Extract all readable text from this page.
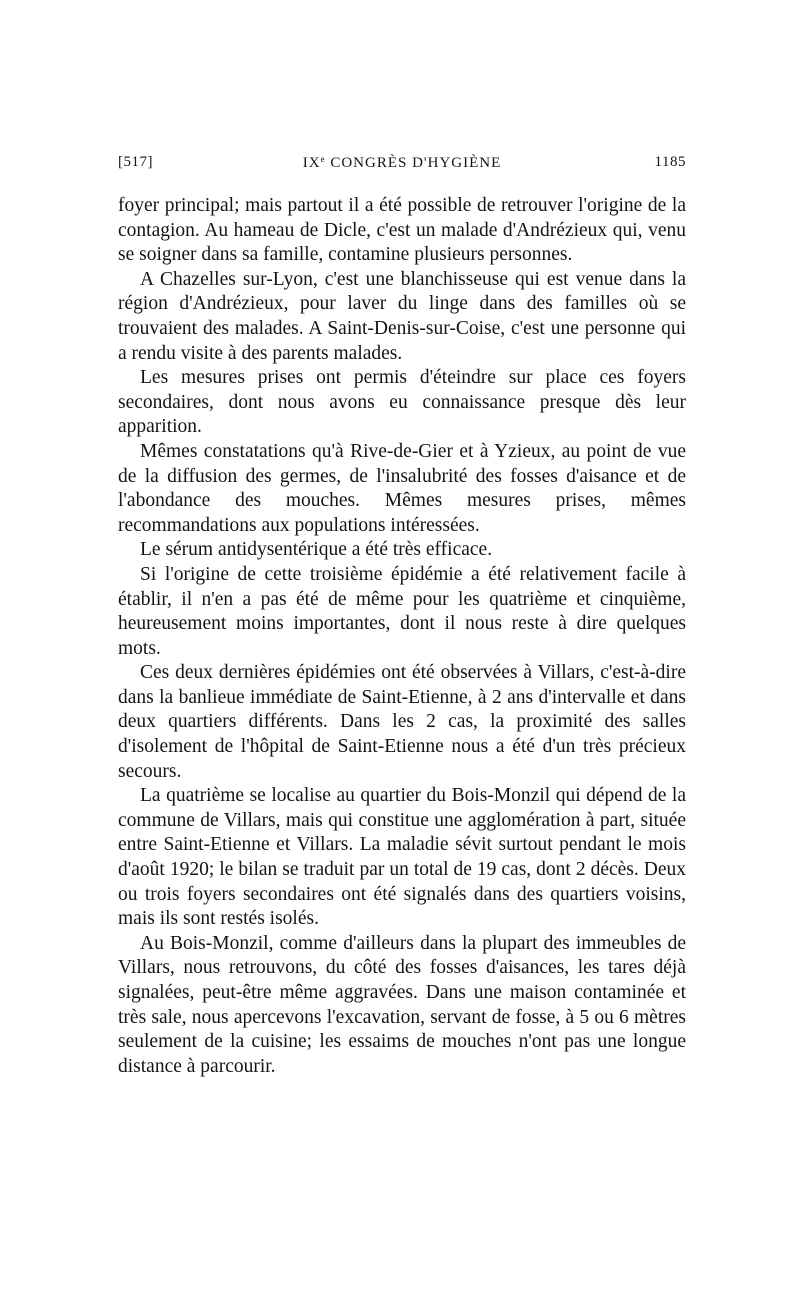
[517]	IXe CONGRÈS D'HYGIÈNE	1185

foyer principal; mais partout il a été possible de retrouver l'origine de la contagion. Au hameau de Dicle, c'est un malade d'Andrézieux qui, venu se soigner dans sa famille, contamine plusieurs personnes.

A Chazelles sur-Lyon, c'est une blanchisseuse qui est venue dans la région d'Andrézieux, pour laver du linge dans des familles où se trouvaient des malades. A Saint-Denis-sur-Coise, c'est une personne qui a rendu visite à des parents malades.

Les mesures prises ont permis d'éteindre sur place ces foyers secondaires, dont nous avons eu connaissance presque dès leur apparition.

Mêmes constatations qu'à Rive-de-Gier et à Yzieux, au point de vue de la diffusion des germes, de l'insalubrité des fosses d'aisance et de l'abondance des mouches. Mêmes mesures prises, mêmes recommandations aux populations intéressées.

Le sérum antidysentérique a été très efficace.

Si l'origine de cette troisième épidémie a été relativement facile à établir, il n'en a pas été de même pour les quatrième et cinquième, heureusement moins importantes, dont il nous reste à dire quelques mots.

Ces deux dernières épidémies ont été observées à Villars, c'est-à-dire dans la banlieue immédiate de Saint-Etienne, à 2 ans d'intervalle et dans deux quartiers différents. Dans les 2 cas, la proximité des salles d'isolement de l'hôpital de Saint-Etienne nous a été d'un très précieux secours.

La quatrième se localise au quartier du Bois-Monzil qui dépend de la commune de Villars, mais qui constitue une agglomération à part, située entre Saint-Etienne et Villars. La maladie sévit surtout pendant le mois d'août 1920; le bilan se traduit par un total de 19 cas, dont 2 décès. Deux ou trois foyers secondaires ont été signalés dans des quartiers voisins, mais ils sont restés isolés.

Au Bois-Monzil, comme d'ailleurs dans la plupart des immeubles de Villars, nous retrouvons, du côté des fosses d'aisances, les tares déjà signalées, peut-être même aggravées. Dans une maison contaminée et très sale, nous apercevons l'excavation, servant de fosse, à 5 ou 6 mètres seulement de la cuisine; les essaims de mouches n'ont pas une longue distance à parcourir.
